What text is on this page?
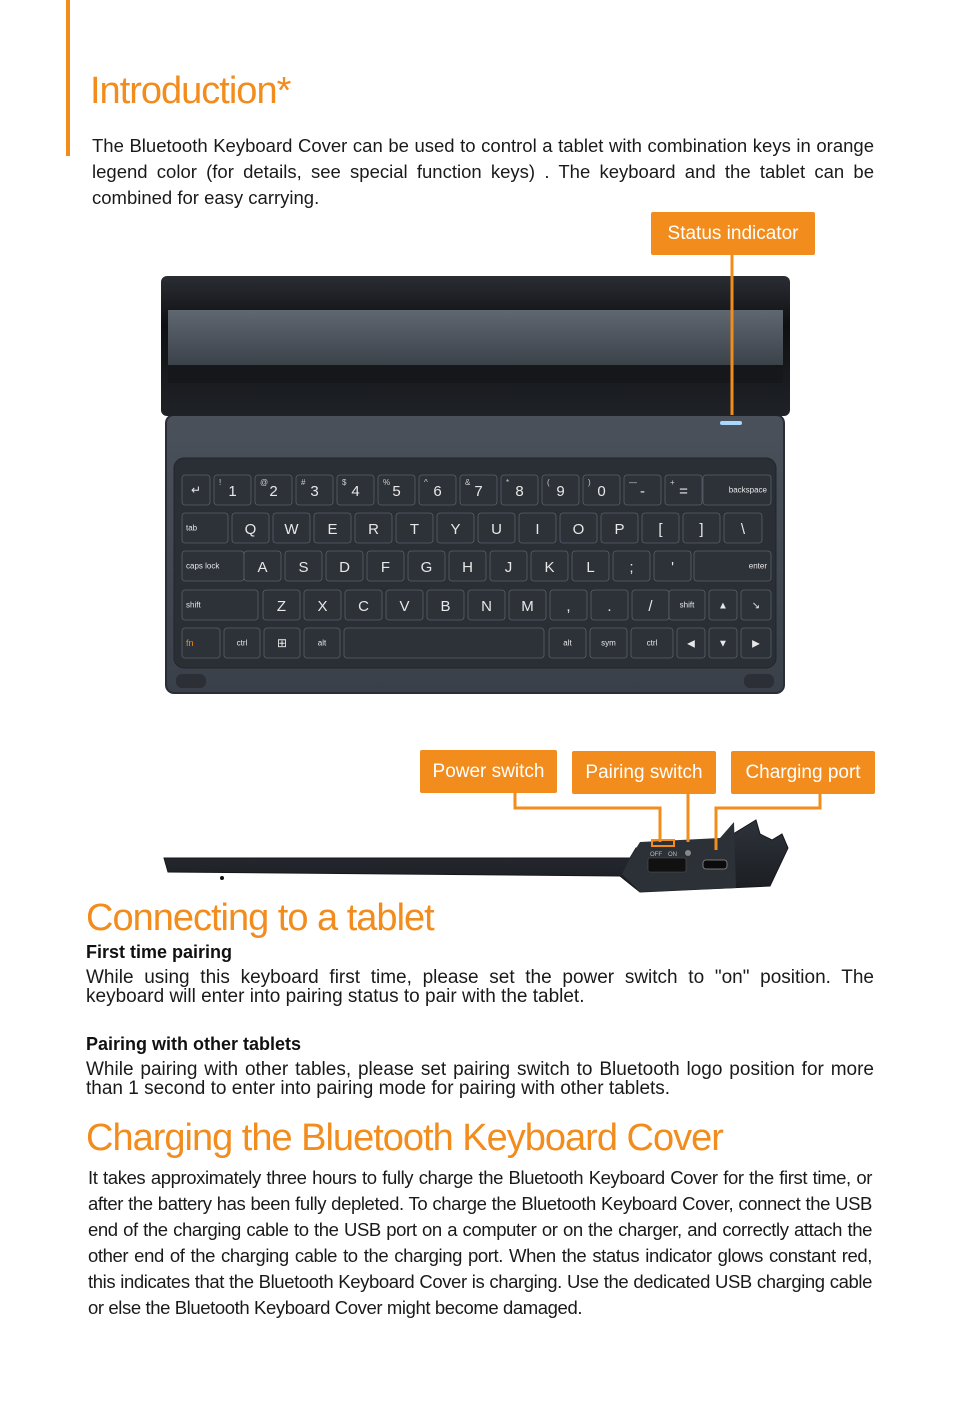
Introduction*

The Bluetooth Keyboard Cover can be used to control a tablet with combination keys in orange legend color (for details, see special function keys) . The keyboard and the tablet can be combined for easy carrying.

↵ 1
!
2
@
3
#
4
$
5
%
6
^
7
&
8
*
9
(
0
)
-
—
=
+
backspace
tab	Q W E R T Y U I O P [ ] \
caps lock	A S D F G H J K L ; '	enter
shift	Z X C V B N M , . /	shift ▲ ↘
fn	ctrl ⊞	alt	alt	sym	ctrl	◀ ▼ ▶
OFF ON
Status indicator
Power switch	Pairing switch	Charging port
Connecting to a tablet
First time pairing

While using this keyboard first time, please set the power switch to "on" position. The keyboard will enter into pairing status to pair with the tablet.

Pairing with other tablets

While pairing with other tables, please set pairing switch to Bluetooth logo position for more than 1 second to enter into pairing mode for pairing with other tablets.

Charging the Bluetooth Keyboard Cover

It takes approximately three hours to fully charge the Bluetooth Keyboard Cover for the first time, or after the battery has been fully depleted. To charge the Bluetooth Keyboard Cover, connect the USB end of the charging cable to the USB port on a computer or on the charger, and correctly attach the other end of the charging cable to the charging port. When the status indicator glows constant red, this indicates that the Bluetooth Keyboard Cover is charging. Use the dedicated USB charging cable or else the Bluetooth Keyboard Cover might become damaged.
